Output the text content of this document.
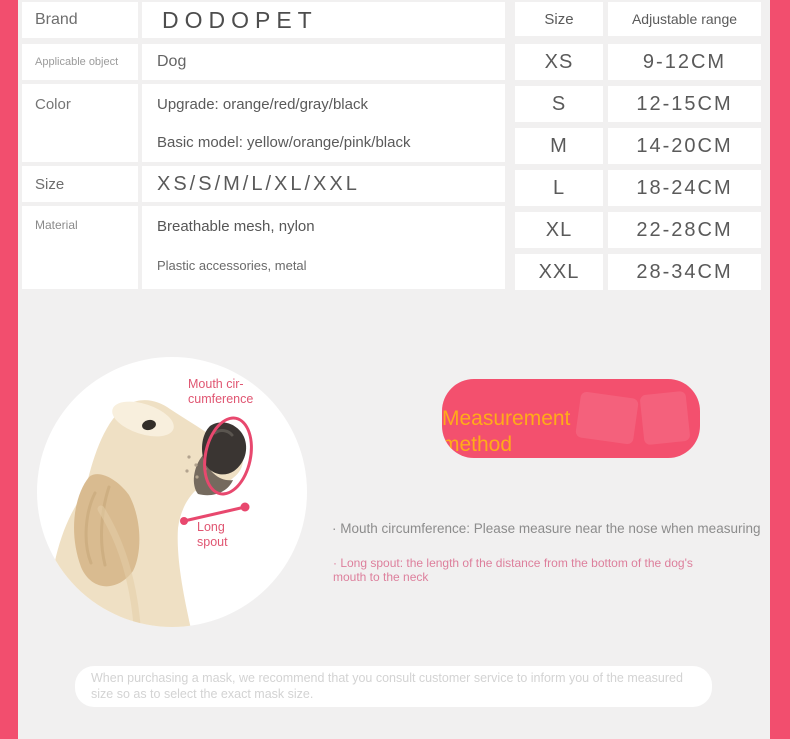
Brand	DODOPET
Applicable object	Dog
Color	Upgrade: orange/red/gray/black
Basic model: yellow/orange/pink/black
Size	XS/S/M/L/XL/XXL
Material	Breathable mesh, nylon
Plastic accessories, metal
Size	Adjustable range
XS	9-12CM
S	12-15CM
M	14-20CM
L	18-24CM
XL	22-28CM
XXL	28-34CM
Mouth cir-
cumference
Long
spout
Measurement
method
· Mouth circumference: Please measure near the nose when measuring
· Long spout: the length of the distance from the bottom of the dog's mouth to the neck
When purchasing a mask, we recommend that you consult customer service to inform you of the measured size so as to select the exact mask size.
